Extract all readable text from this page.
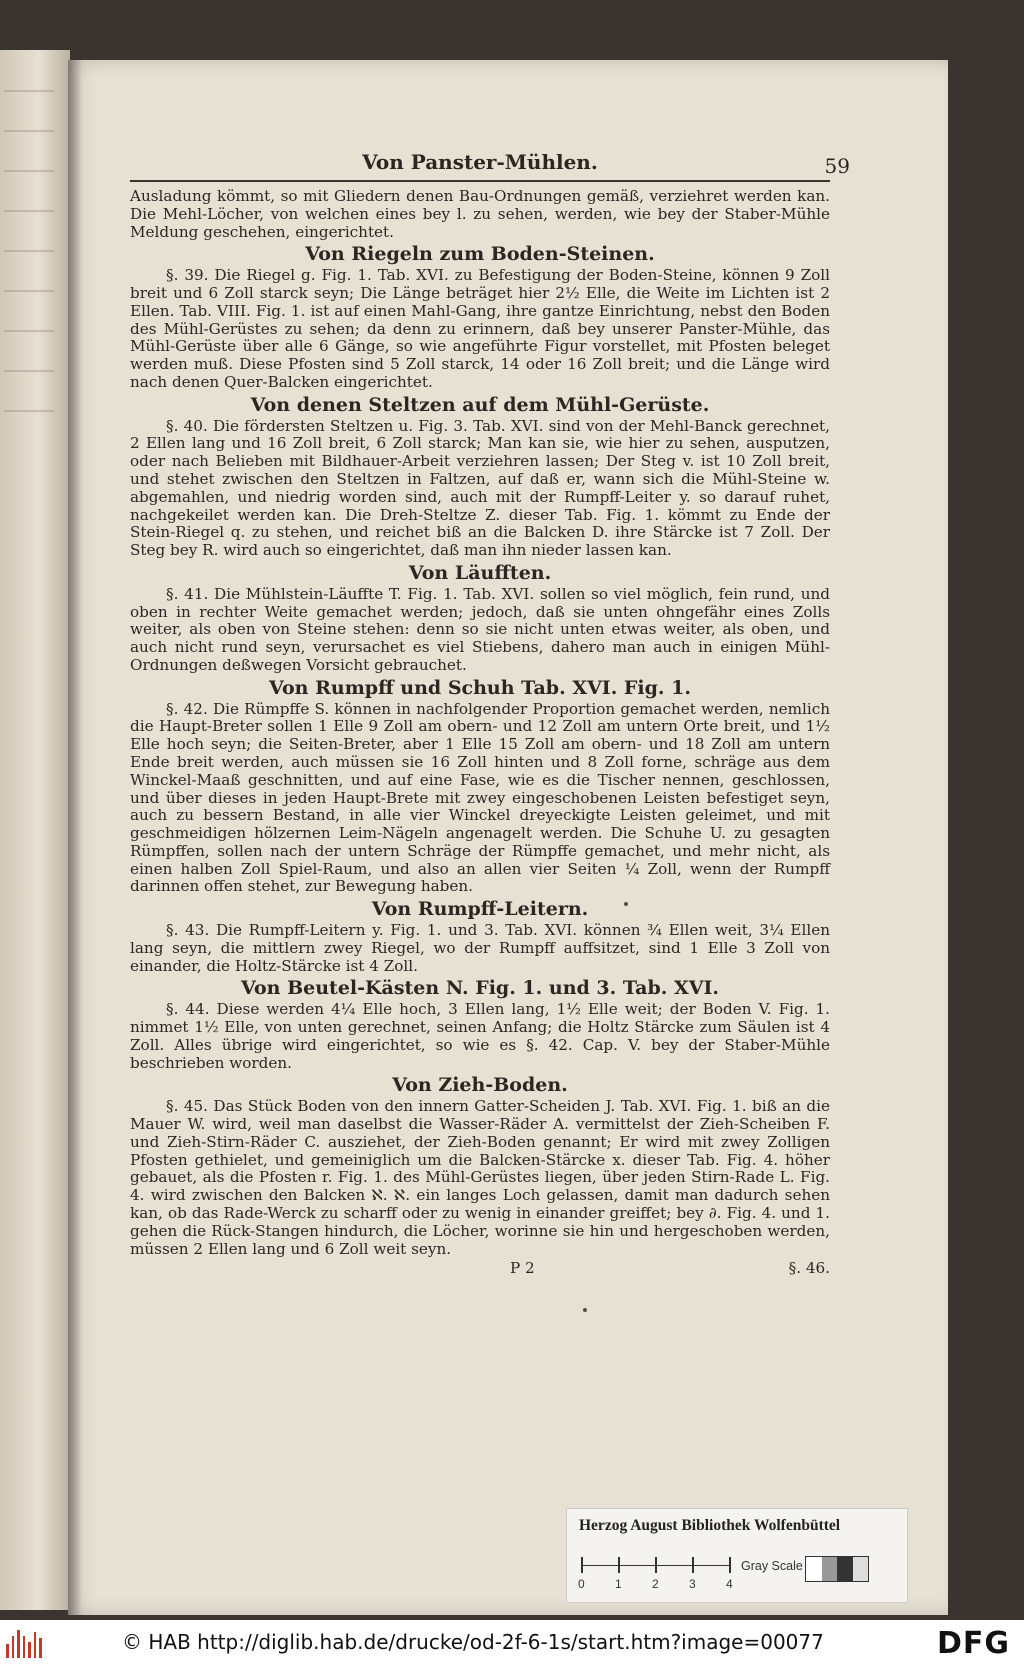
Von Panster-Mühlen.	59

Ausladung kömmt, so mit Gliedern denen Bau-Ordnungen gemäß, verziehret werden kan. Die Mehl-Löcher, von welchen eines bey l. zu sehen, werden, wie bey der Staber-Mühle Meldung geschehen, eingerichtet.

Von Riegeln zum Boden-Steinen.

§. 39. Die Riegel g. Fig. 1. Tab. XVI. zu Befestigung der Boden-Steine, können 9 Zoll breit und 6 Zoll starck seyn; Die Länge beträget hier 2½ Elle, die Weite im Lichten ist 2 Ellen. Tab. VIII. Fig. 1. ist auf einen Mahl-Gang, ihre gantze Einrichtung, nebst den Boden des Mühl-Gerüstes zu sehen; da denn zu erinnern, daß bey unserer Panster-Mühle, das Mühl-Gerüste über alle 6 Gänge, so wie angeführte Figur vorstellet, mit Pfosten beleget werden muß. Diese Pfosten sind 5 Zoll starck, 14 oder 16 Zoll breit; und die Länge wird nach denen Quer-Balcken eingerichtet.

Von denen Steltzen auf dem Mühl-Gerüste.

§. 40. Die fördersten Steltzen u. Fig. 3. Tab. XVI. sind von der Mehl-Banck gerechnet, 2 Ellen lang und 16 Zoll breit, 6 Zoll starck; Man kan sie, wie hier zu sehen, ausputzen, oder nach Belieben mit Bildhauer-Arbeit verziehren lassen; Der Steg v. ist 10 Zoll breit, und stehet zwischen den Steltzen in Faltzen, auf daß er, wann sich die Mühl-Steine w. abgemahlen, und niedrig worden sind, auch mit der Rumpff-Leiter y. so darauf ruhet, nachgekeilet werden kan. Die Dreh-Steltze Z. dieser Tab. Fig. 1. kömmt zu Ende der Stein-Riegel q. zu stehen, und reichet biß an die Balcken D. ihre Stärcke ist 7 Zoll. Der Steg bey R. wird auch so eingerichtet, daß man ihn nieder lassen kan.

Von Läufften.

§. 41. Die Mühlstein-Läuffte T. Fig. 1. Tab. XVI. sollen so viel möglich, fein rund, und oben in rechter Weite gemachet werden; jedoch, daß sie unten ohngefähr eines Zolls weiter, als oben von Steine stehen: denn so sie nicht unten etwas weiter, als oben, und auch nicht rund seyn, verursachet es viel Stiebens, dahero man auch in einigen Mühl-Ordnungen deßwegen Vorsicht gebrauchet.

Von Rumpff und Schuh Tab. XVI. Fig. 1.

§. 42. Die Rümpffe S. können in nachfolgender Proportion gemachet werden, nemlich die Haupt-Breter sollen 1 Elle 9 Zoll am obern- und 12 Zoll am untern Orte breit, und 1½ Elle hoch seyn; die Seiten-Breter, aber 1 Elle 15 Zoll am obern- und 18 Zoll am untern Ende breit werden, auch müssen sie 16 Zoll hinten und 8 Zoll forne, schräge aus dem Winckel-Maaß geschnitten, und auf eine Fase, wie es die Tischer nennen, geschlossen, und über dieses in jeden Haupt-Brete mit zwey eingeschobenen Leisten befestiget seyn, auch zu bessern Bestand, in alle vier Winckel dreyeckigte Leisten geleimet, und mit geschmeidigen hölzernen Leim-Nägeln angenagelt werden. Die Schuhe U. zu gesagten Rümpffen, sollen nach der untern Schräge der Rümpffe gemachet, und mehr nicht, als einen halben Zoll Spiel-Raum, und also an allen vier Seiten ¼ Zoll, wenn der Rumpff darinnen offen stehet, zur Bewegung haben.

Von Rumpff-Leitern.

§. 43. Die Rumpff-Leitern y. Fig. 1. und 3. Tab. XVI. können ¾ Ellen weit, 3¼ Ellen lang seyn, die mittlern zwey Riegel, wo der Rumpff auffsitzet, sind 1 Elle 3 Zoll von einander, die Holtz-Stärcke ist 4 Zoll.

Von Beutel-Kästen N. Fig. 1. und 3. Tab. XVI.

§. 44. Diese werden 4¼ Elle hoch, 3 Ellen lang, 1½ Elle weit; der Boden V. Fig. 1. nimmet 1½ Elle, von unten gerechnet, seinen Anfang; die Holtz Stärcke zum Säulen ist 4 Zoll. Alles übrige wird eingerichtet, so wie es §. 42. Cap. V. bey der Staber-Mühle beschrieben worden.

Von Zieh-Boden.

§. 45. Das Stück Boden von den innern Gatter-Scheiden J. Tab. XVI. Fig. 1. biß an die Mauer W. wird, weil man daselbst die Wasser-Räder A. vermittelst der Zieh-Scheiben F. und Zieh-Stirn-Räder C. ausziehet, der Zieh-Boden genannt; Er wird mit zwey Zolligen Pfosten gethielet, und gemeiniglich um die Balcken-Stärcke x. dieser Tab. Fig. 4. höher gebauet, als die Pfosten r. Fig. 1. des Mühl-Gerüstes liegen, über jeden Stirn-Rade L. Fig. 4. wird zwischen den Balcken ℵ. ℵ. ein langes Loch gelassen, damit man dadurch sehen kan, ob das Rade-Werck zu scharff oder zu wenig in einander greiffet; bey ∂. Fig. 4. und 1. gehen die Rück-Stangen hindurch, die Löcher, worinne sie hin und hergeschoben werden, müssen 2 Ellen lang und 6 Zoll weit seyn.

P 2	§. 46.
Herzog August Bibliothek Wolfenbüttel
0	1	2	3	4
Gray Scale
© HAB http://diglib.hab.de/drucke/od-2f-6-1s/start.htm?image=00077	DFG
